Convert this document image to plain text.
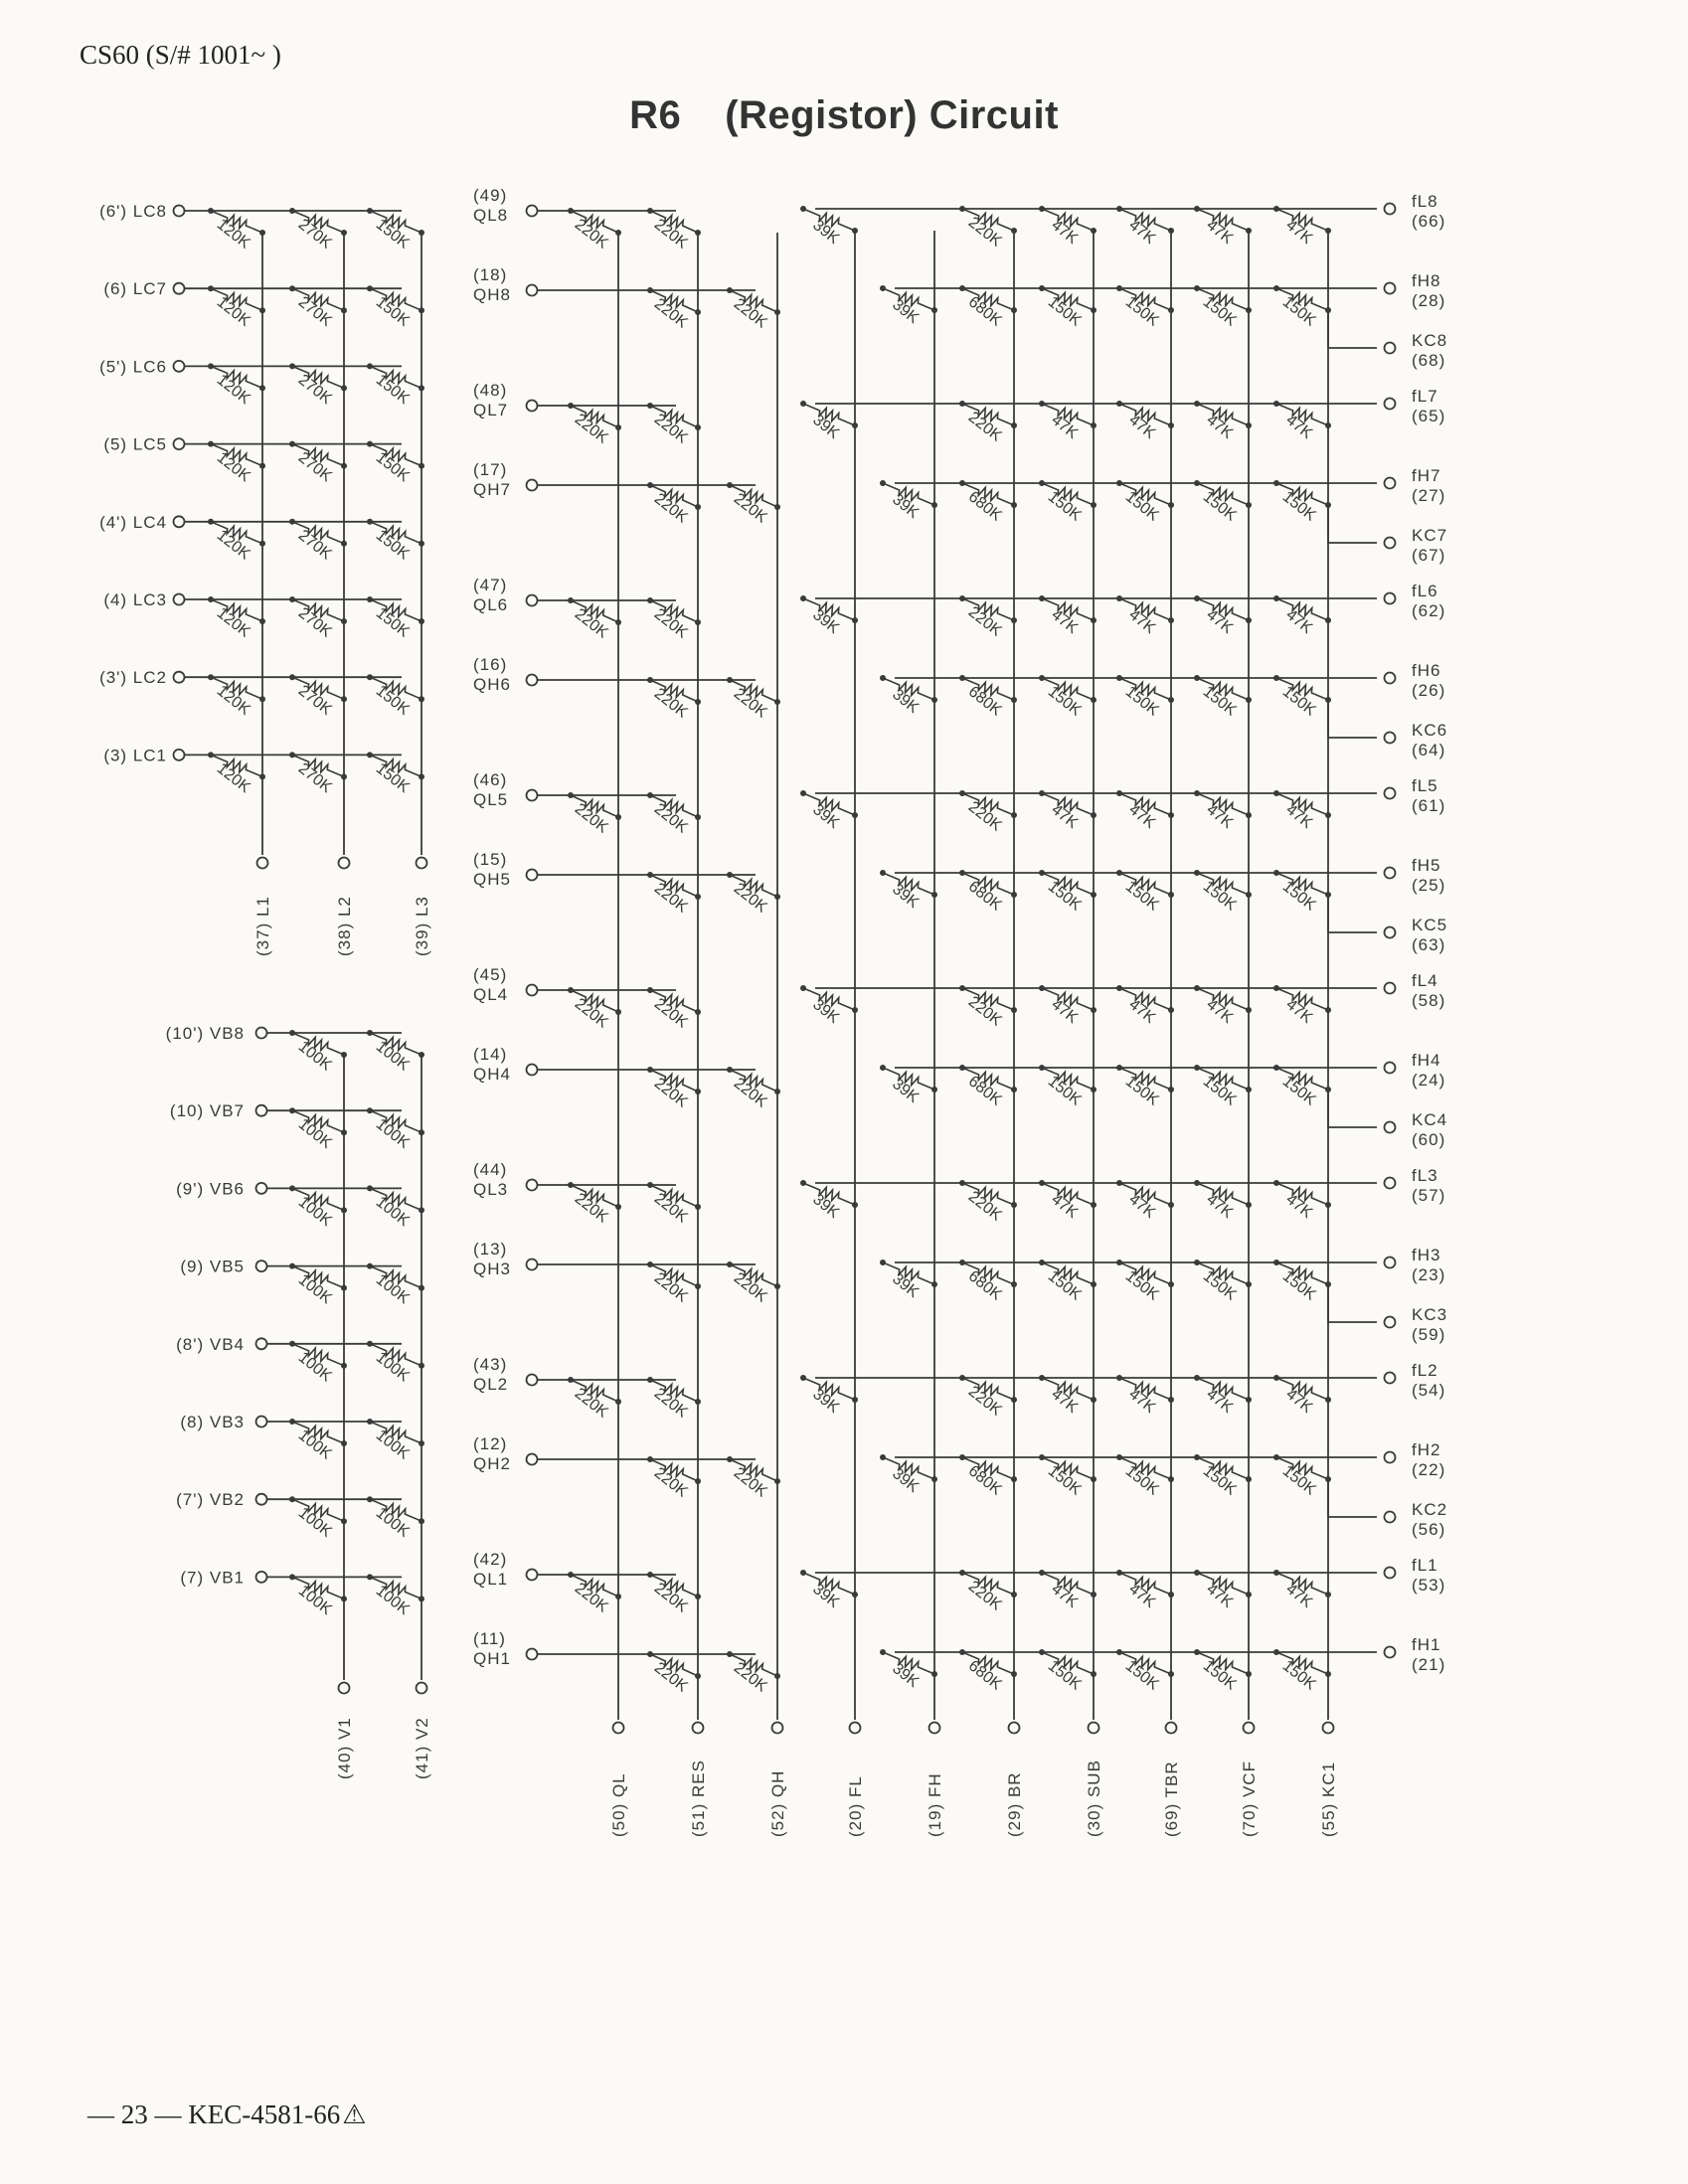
CS60 (S/# 1001~ )
R6 (Registor) Circuit
— 23 — KEC-4581-66⚠
(6') LC8
120K	270K 150K
(6) LC7
120K	270K 150K
(5') LC6
120K	270K 150K
(5) LC5
120K	270K 150K
(4') LC4
120K	270K 150K
(4) LC3
120K	270K 150K
(3') LC2
120K	270K 150K
(3) LC1
120K	270K 150K
(37) L1	(38) L2	(39) L3
(10') VB8
100K 100K
(10) VB7
100K 100K
(9') VB6
100K 100K
(9) VB5
100K 100K
(8') VB4
100K 100K
(8) VB3
100K 100K
(7') VB2
100K 100K
(7) VB1
100K 100K
(40) V1	(41) V2
(49)
QL8
220K	220K
(18)
QH8
220K	220K
(48)
QL7
220K	220K
(17)
QH7
220K	220K
(47)
QL6
220K	220K
(16)
QH6
220K	220K
(46)
QL5
220K	220K
(15)
QH5
220K	220K
(45)
QL4
220K	220K
(14)
QH4
220K	220K
(44)
QL3
220K	220K
(13)
QH3
220K	220K
(43)
QL2
220K	220K
(12)
QH2
220K	220K
(42)
QL1
220K	220K
(11)
QH1
220K	220K
39K	220K	47K	47K	47K	47K
39K	680K	150K 150K 150K	150K
39K	220K	47K	47K	47K	47K
39K	680K	150K 150K 150K	150K
39K	220K	47K	47K	47K	47K
39K	680K	150K 150K 150K	150K
39K	220K	47K	47K	47K	47K
39K	680K	150K 150K 150K	150K
39K	220K	47K	47K	47K	47K
39K	680K	150K 150K 150K	150K
39K	220K	47K	47K	47K	47K
39K	680K	150K 150K 150K	150K
39K	220K	47K	47K	47K	47K
39K	680K	150K 150K 150K	150K
39K	220K	47K	47K	47K	47K
39K	680K	150K 150K 150K	150K
fL8
(66)
fH8
(28)
KC8
(68)
fL7
(65)
fH7
(27)
KC7
(67)
fL6
(62)
fH6
(26)
KC6
(64)
fL5
(61)
fH5
(25)
KC5
(63)
fL4
(58)
fH4
(24)
KC4
(60)
fL3
(57)
fH3
(23)
KC3
(59)
fL2
(54)
fH2
(22)
KC2
(56)
fL1
(53)
fH1
(21)
(50) QL	(51) RES	(52) QH	(20) FL	(19) FH	(29) BR	(30) SUB	(69) TBR	(70) VCF	(55) KC1
